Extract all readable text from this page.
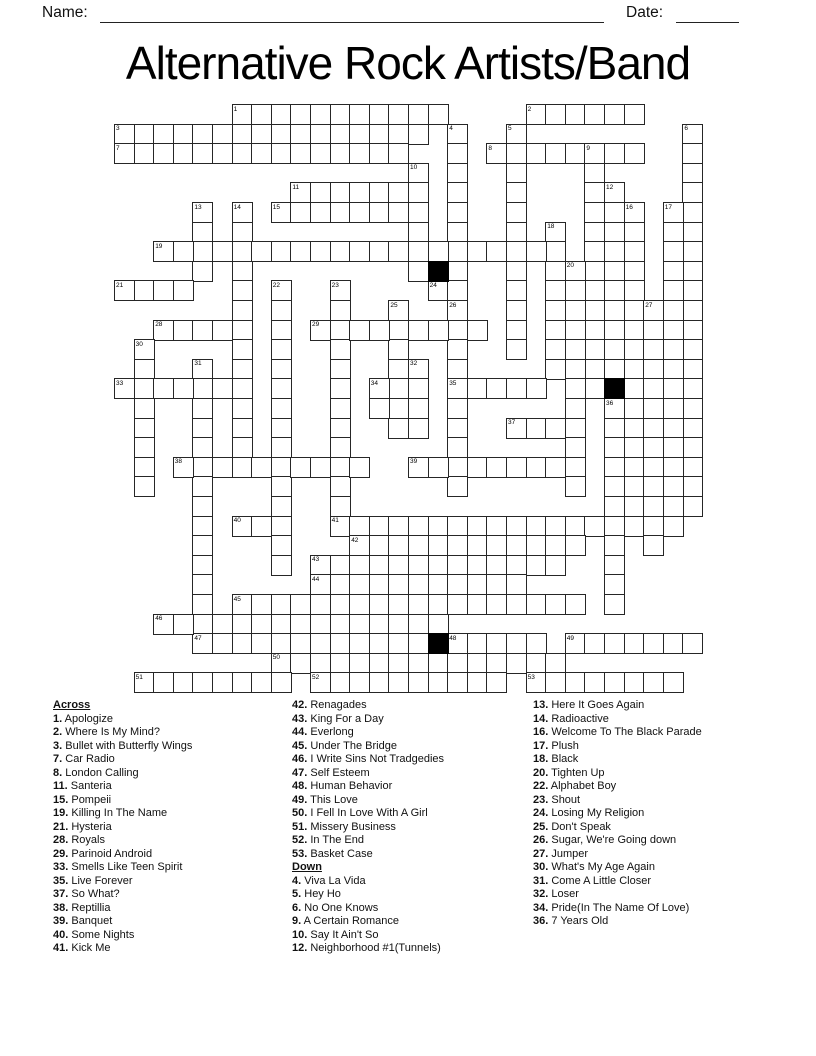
Name:	Date:
Alternative Rock Artists/Band
1	2
3	4	5	6
7	8	9
10
11	12
13	14	15	16	17
18
19
20
21	22	23
41
24
25	26
35
27
28	29
30
31
47
32
33	34
36
37
38	39
40
42
43
44
45
46
48	49
50
51	52	53
Across
1. Apologize
2. Where Is My Mind?
3. Bullet with Butterfly Wings
7. Car Radio
8. London Calling
11. Santeria
15. Pompeii
19. Killing In The Name
21. Hysteria
28. Royals
29. Parinoid Android
33. Smells Like Teen Spirit
35. Live Forever
37. So What?
38. Reptillia
39. Banquet
40. Some Nights
41. Kick Me
42. Renagades
43. King For a Day
44. Everlong
45. Under The Bridge
46. I Write Sins Not Tradgedies
47. Self Esteem
48. Human Behavior
49. This Love
50. I Fell In Love With A Girl
51. Missery Business
52. In The End
53. Basket Case
Down
4. Viva La Vida
5. Hey Ho
6. No One Knows
9. A Certain Romance
10. Say It Ain't So
12. Neighborhood #1(Tunnels)
13. Here It Goes Again
14. Radioactive
16. Welcome To The Black Parade
17. Plush
18. Black
20. Tighten Up
22. Alphabet Boy
23. Shout
24. Losing My Religion
25. Don't Speak
26. Sugar, We're Going down
27. Jumper
30. What's My Age Again
31. Come A Little Closer
32. Loser
34. Pride(In The Name Of Love)
36. 7 Years Old
